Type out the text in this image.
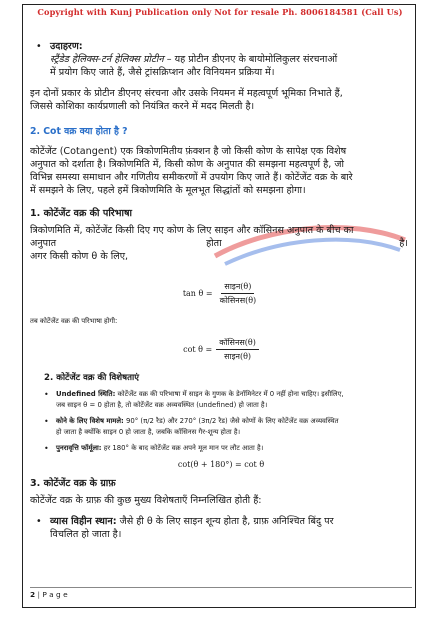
Copyright with Kunj Publication only Not for resale Ph. 8006184581 (Call Us)
• उदाहरण:

स्ट्रैंडेड हेलिक्स-टर्न हेलिक्स प्रोटीन – यह प्रोटीन डीएनए के बायोमोलिकुलर संरचनाओं

में प्रयोग किए जाते हैं, जैसे ट्रांसक्रिप्शन और विनियमन प्रक्रिया में।

इन दोनों प्रकार के प्रोटीन डीएनए संरचना और उसके नियमन में महत्वपूर्ण भूमिका निभाते हैं,

जिससे कोशिका कार्यप्रणाली को नियंत्रित करने में मदद मिलती है।

2. Cot वक्र क्या होता है ?

कोटेंजेंट (Cotangent) एक त्रिकोणमितीय फ़ंक्शन है जो किसी कोण के सापेक्ष एक विशेष

अनुपात को दर्शाता है। त्रिकोणमिति में, किसी कोण के अनुपात की समझना महत्वपूर्ण है, जो

विभिन्न समस्या समाधान और गणितीय समीकरणों में उपयोग किए जाते हैं। कोटेंजेंट वक्र के बारे

में समझने के लिए, पहले हमें त्रिकोणमिति के मूलभूत सिद्धांतों को समझना होगा।

1. कोटेंजेंट वक्र की परिभाषा

त्रिकोणमिति में, कोटेंजेंट किसी दिए गए कोण के लिए साइन और कॉसिनस अनुपात के बीच का

अनुपात	होता	है।

अगर किसी कोण θ के लिए,

$\tan \theta = \frac{\text{साइन(θ)}}{\text{कोसिनस(θ)}}$

तब कोटेंजेंट वक्र की परिभाषा होगी:

$\cot \theta = \frac{\text{कॉसिनस(θ)}}{\text{साइन(θ)}}$

2. कोटेंजेंट वक्र की विशेषताएं

• Undefined स्थिति: कोटेंजेंट वक्र की परिभाषा में साइन के गुणक के डेनॉमिनेटर में 0 नहीं होना चाहिए। इसीलिए,

जब साइन θ = 0 होता है, तो कोटेंजेंट वक्र अव्यवस्थित (undefined) हो जाता है।

• कोने के लिए विशेष मामले: 90° (π/2 रैड) और 270° (3π/2 रैड) जैसे कोणों के लिए कोटेंजेंट वक्र अव्यवस्थित

हो जाता है क्योंकि साइन 0 हो जाता है, जबकि कॉसिनस गैर-शून्य होता है।

• पुनरावृत्ति फॉर्मूला: हर 180° के बाद कोटेंजेंट वक्र अपने मूल मान पर लौट आता है।

cot(θ + 180°) = cot θ

3. कोटेंजेंट वक्र के ग्राफ़

कोटेंजेंट वक्र के ग्राफ़ की कुछ मुख्य विशेषताएँ निम्नलिखित होती हैं:

• व्यास विहीन स्थान: जैसे ही θ के लिए साइन शून्य होता है, ग्राफ़ अनिश्चित बिंदु पर

विचलित हो जाता है।

2 | P a g e
